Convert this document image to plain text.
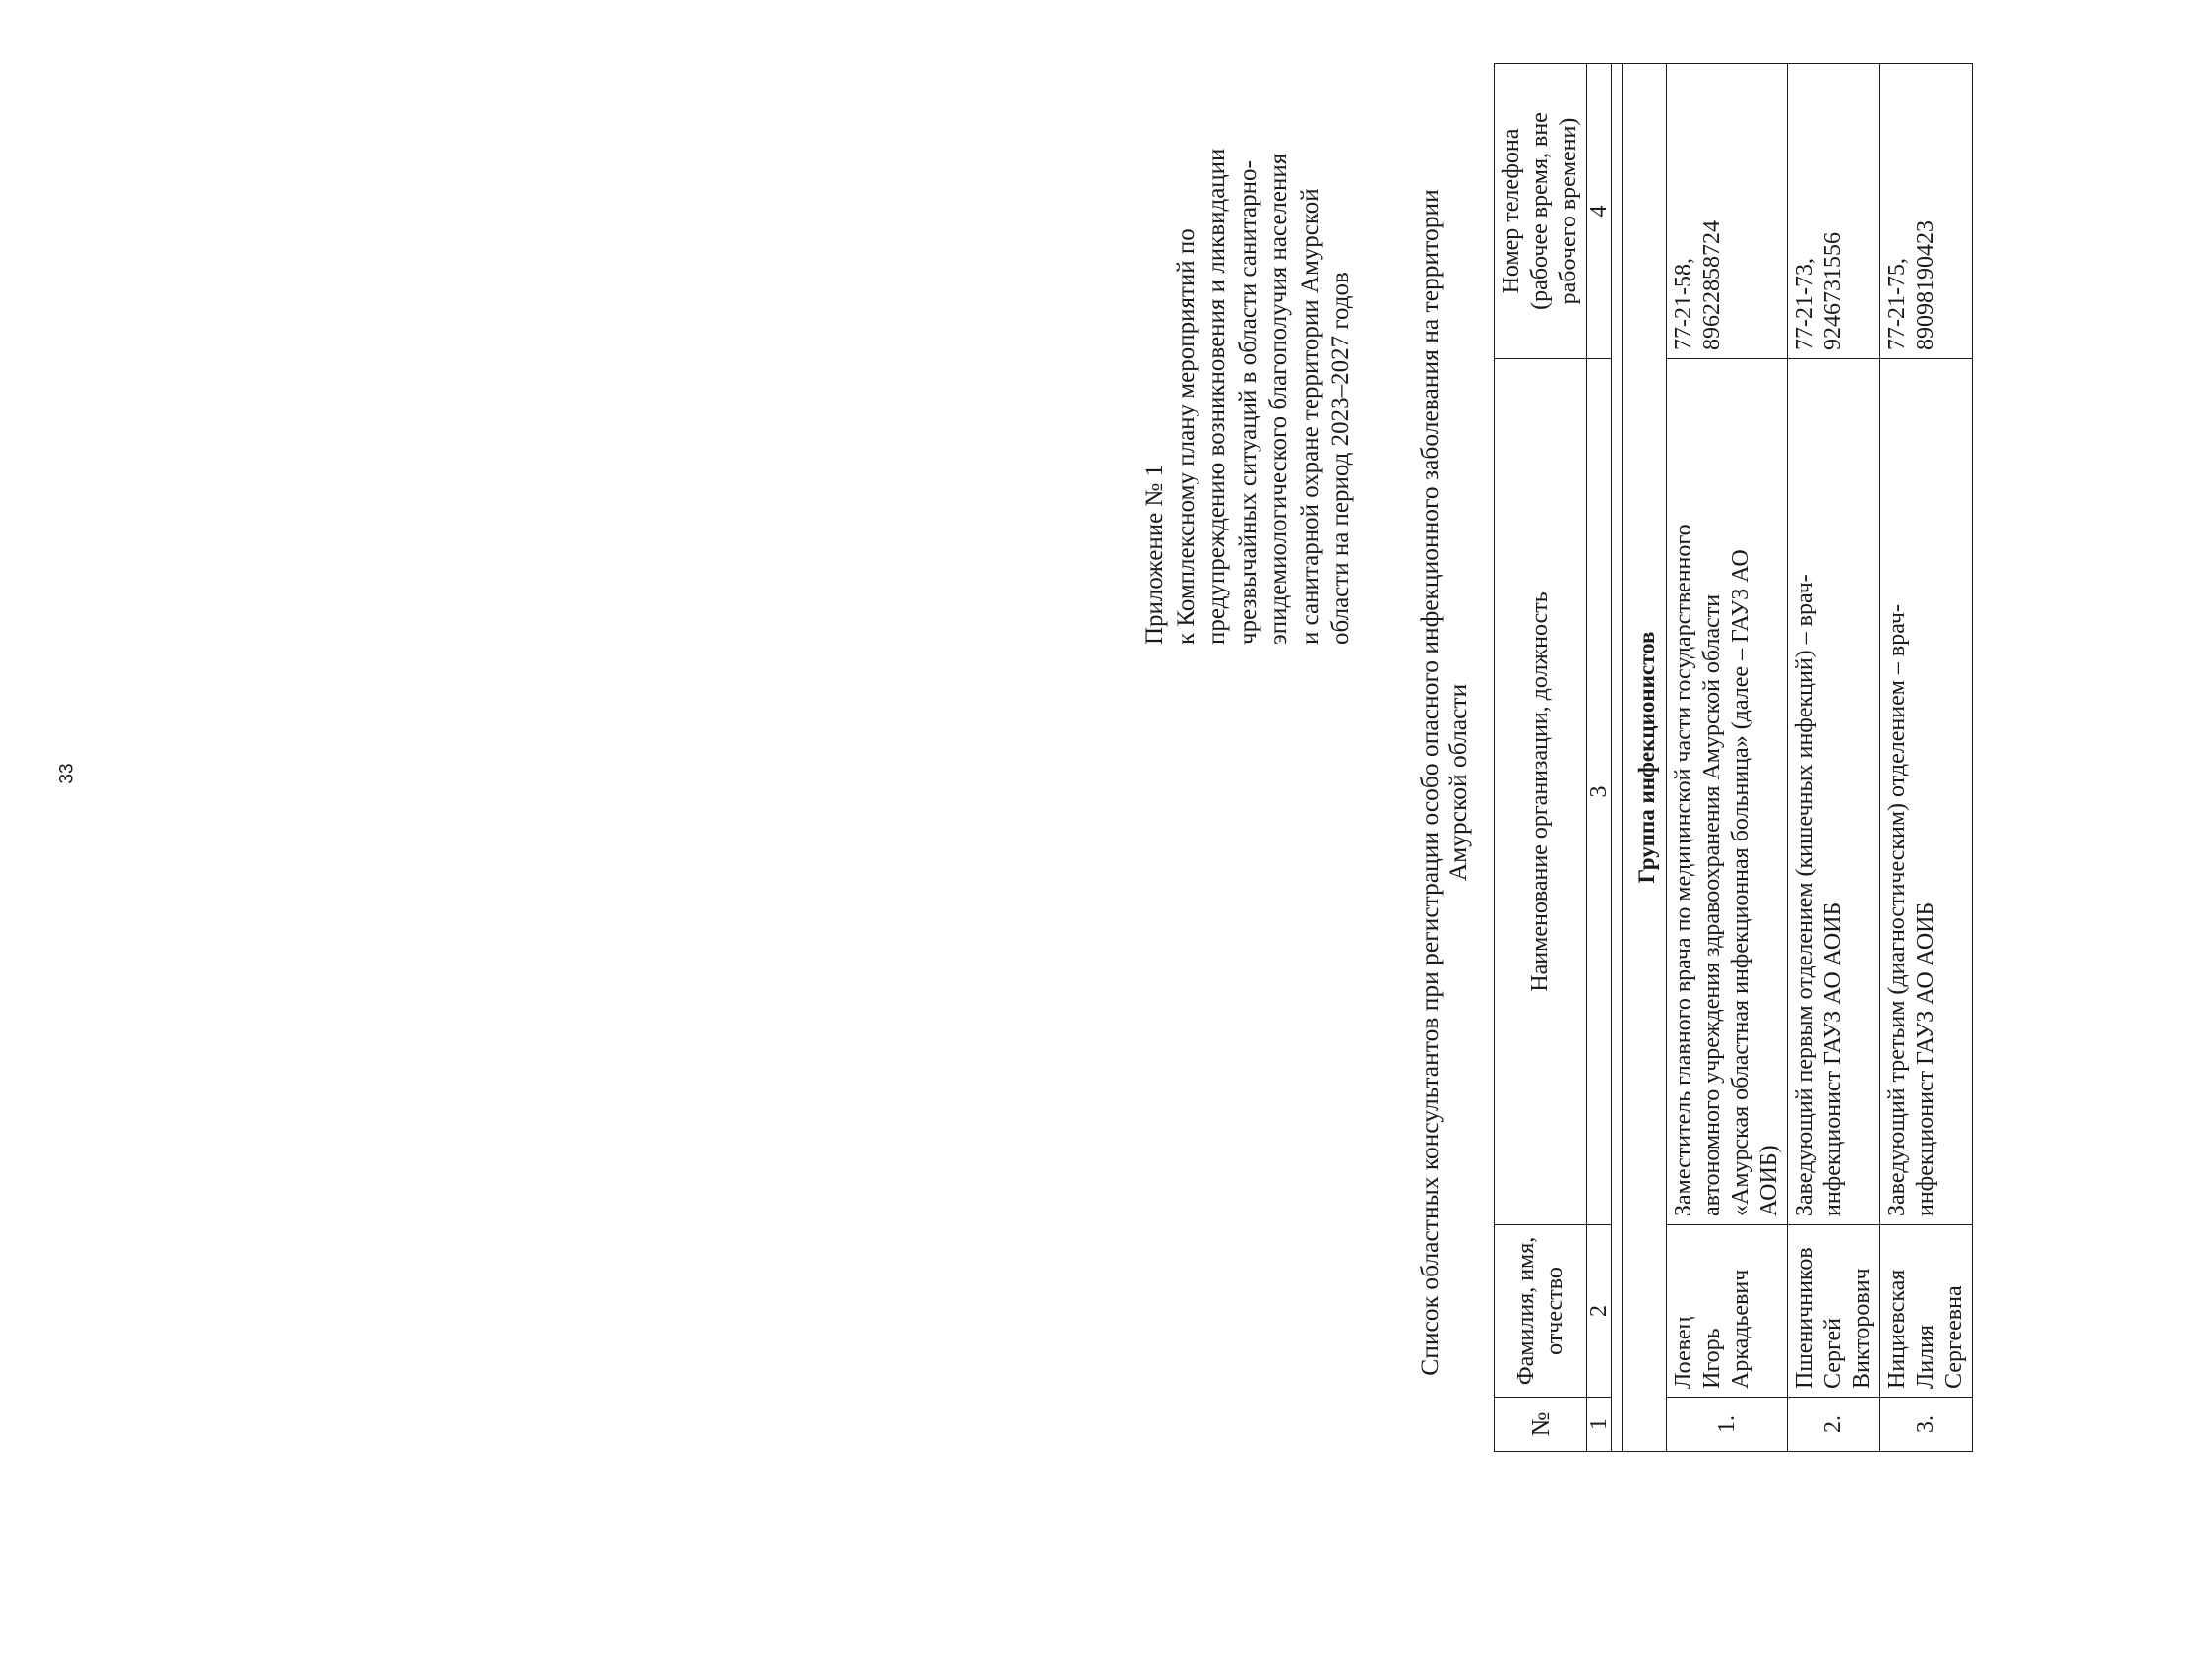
33
Приложение № 1 к Комплексному плану мероприятий по предупреждению возникновения и ликвидации чрезвычайных ситуаций в области санитарно- эпидемиологического благополучия населения и санитарной охране территории Амурской области на период 2023–2027 годов Список областных консультантов при регистрации особо опасного инфекционного заболевания на территории Амурской области
№	Фамилия, имя, отчество	Наименование организации, должность	Номер телефона (рабочее время, вне рабочего времени)

1	2	3	4

Группа инфекционистов			
1.	Лоевец Игорь Аркадьевич	Заместитель главного врача по медицинской части государственного автономного учреждения здравоохранения Амурской области «Амурская областная инфекционная больница» (далее – ГАУЗ АО АОИБ)	77-21-58, 89622858724

2.	Пшеничников Сергей Викторович	Заведующий первым отделением (кишечных инфекций) – врач- инфекционист ГАУЗ АО АОИБ	77-21-73, 9246731556

3.	Нициевская Лилия Сергеевна	Заведующий третьим (диагностическим) отделением – врач- инфекционист ГАУЗ АО АОИБ	77-21-75, 89098190423
